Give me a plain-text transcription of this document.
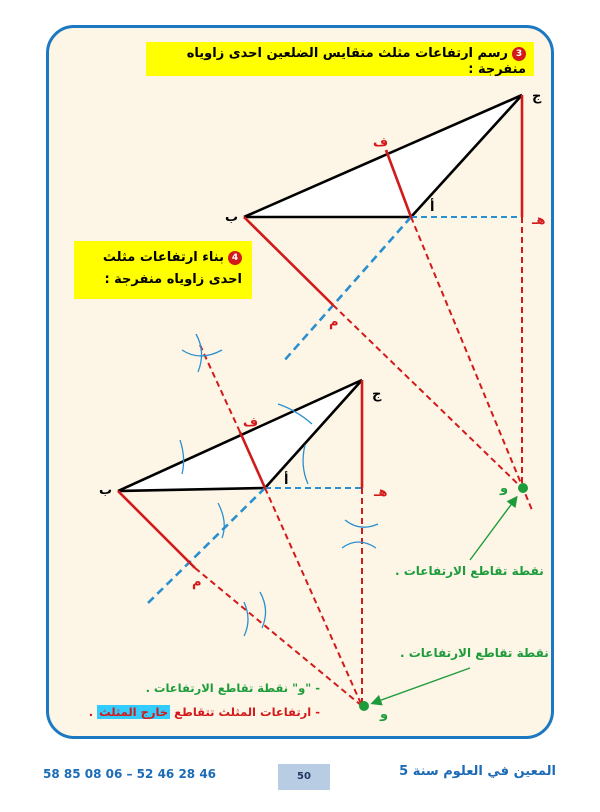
3رسم ارتفاعات مثلث متقايس الضلعين احدى زاوياه منفرجة :
4بناء ارتفاعات مثلث
احدى زاوياه منفرجة :
ج
ب
أ
ف
هـ
م
و
ج
ب
أ
ف
هـ
م
و
نقطة تقاطع الارتفاعات .
نقطة تقاطع الارتفاعات .
- "و" نقطة تقاطع الارتفاعات .
- ارتفاعات المثلث تتقاطع خارج المثلث .
58 85 08 06 – 52 46 28 46	50	المعين في العلوم سنة 5
